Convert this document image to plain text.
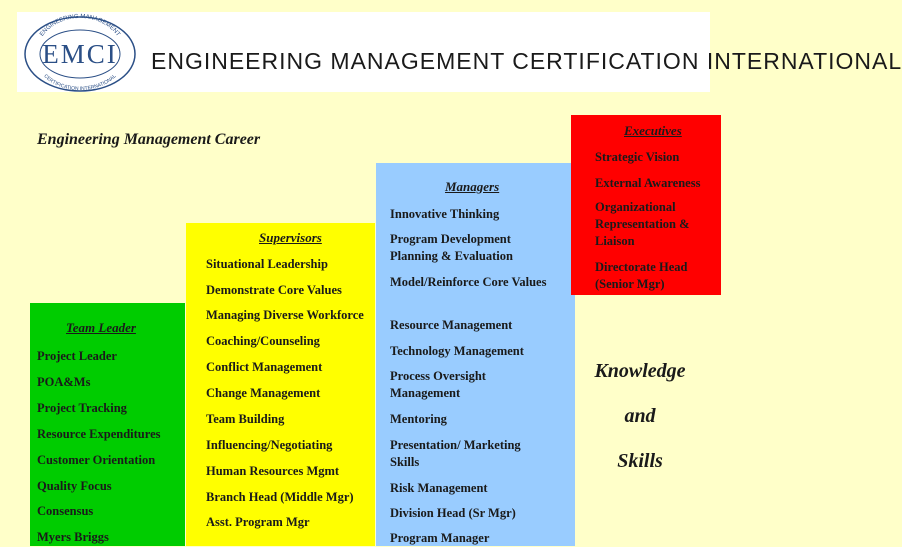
ENGINEERING MANAGEMENT
CERTIFICATION INTERNATIONAL
EMCI ENGINEERING MANAGEMENT CERTIFICATION INTERNATIONAL
Engineering Management Career
Team Leader
Project Leader
POA&Ms
Project Tracking
Resource Expenditures
Customer Orientation
Quality Focus
Consensus
Myers Briggs
Supervisors
Situational Leadership
Demonstrate Core Values
Managing Diverse Workforce
Coaching/Counseling
Conflict Management
Change Management
Team Building
Influencing/Negotiating
Human Resources Mgmt
Branch Head (Middle Mgr)
Asst. Program Mgr
Managers
Innovative Thinking
Program Development Planning & Evaluation
Model/Reinforce Core Values
Resource Management
Technology Management
Process Oversight Management
Mentoring
Presentation/ Marketing Skills
Risk Management
Division Head (Sr Mgr)
Program Manager
Executives
Strategic Vision
External Awareness
Organizational Representation & Liaison
Directorate Head (Senior Mgr)
Knowledge
and
Skills
